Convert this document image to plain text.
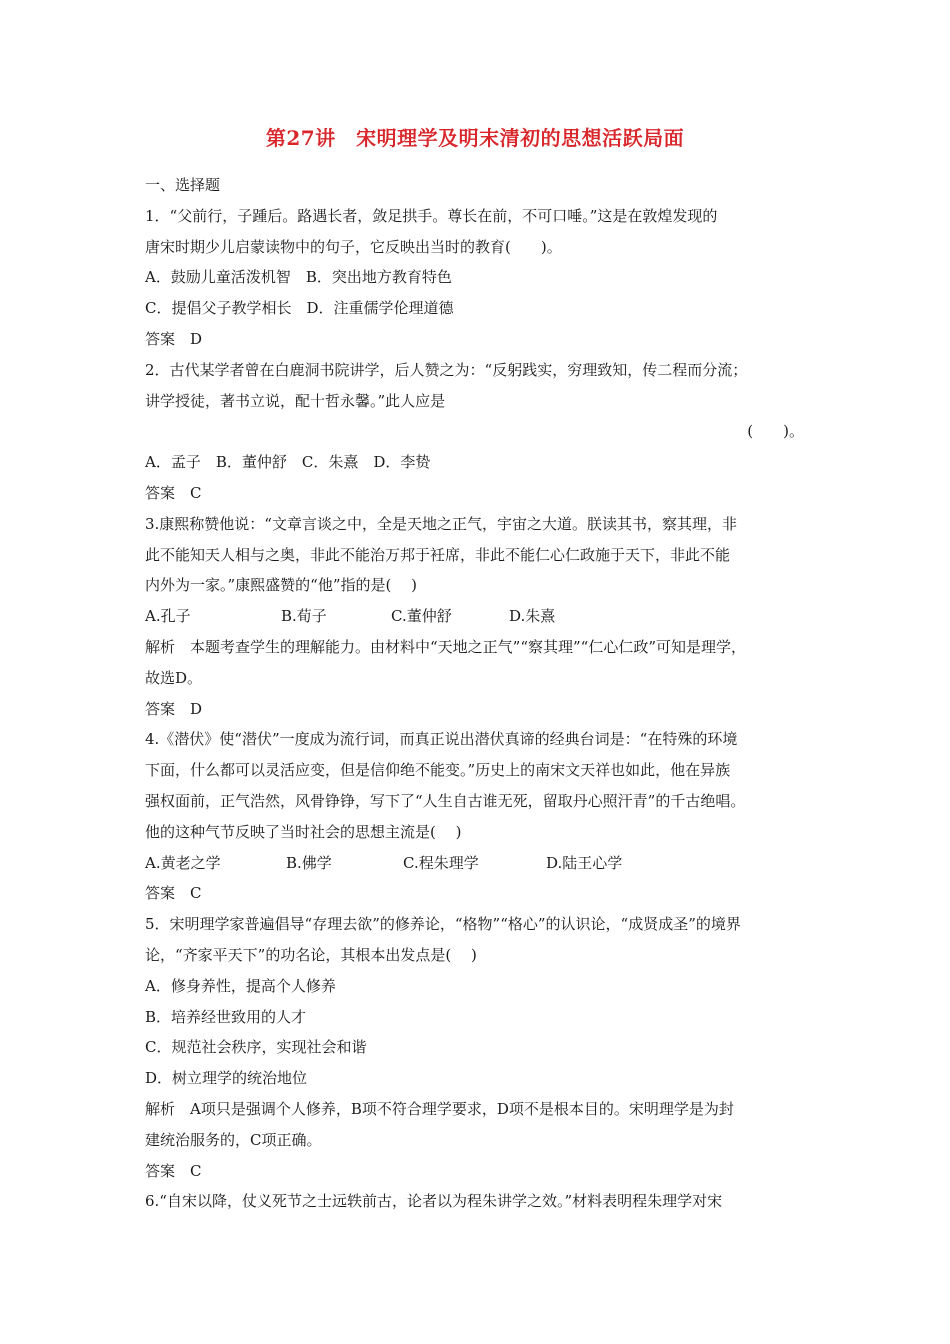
第27讲　宋明理学及明末清初的思想活跃局面
一、选择题
1．“父前行，子踵后。路遇长者，敛足拱手。尊长在前，不可口唾。”这是在敦煌发现的
唐宋时期少儿启蒙读物中的句子，它反映出当时的教育(　　)。
A．鼓励儿童活泼机智　B．突出地方教育特色
C．提倡父子教学相长　D．注重儒学伦理道德
答案　D
2．古代某学者曾在白鹿洞书院讲学，后人赞之为：“反躬践实，穷理致知，传二程而分流；
讲学授徒，著书立说，配十哲永馨。”此人应是
(　　)。
A．孟子　B．董仲舒　C．朱熹　D．李贽
答案　C
3.康熙称赞他说：“文章言谈之中，全是天地之正气，宇宙之大道。朕读其书，察其理，非
此不能知天人相与之奥，非此不能治万邦于衽席，非此不能仁心仁政施于天下，非此不能
内外为一家。”康熙盛赞的“他”指的是(　 )
A.孔子	B.荀子	C.董仲舒	D.朱熹
解析　本题考查学生的理解能力。由材料中“天地之正气”“察其理”“仁心仁政”可知是理学，
故选D。
答案　D
4.《潜伏》使“潜伏”一度成为流行词，而真正说出潜伏真谛的经典台词是：“在特殊的环境
下面，什么都可以灵活应变，但是信仰绝不能变。”历史上的南宋文天祥也如此，他在异族
强权面前，正气浩然，风骨铮铮，写下了“人生自古谁无死，留取丹心照汗青”的千古绝唱。
他的这种气节反映了当时社会的思想主流是(　 )
A.黄老之学	B.佛学	C.程朱理学	D.陆王心学
答案　C
5．宋明理学家普遍倡导“存理去欲”的修养论，“格物”“格心”的认识论，“成贤成圣”的境界
论，“齐家平天下”的功名论，其根本出发点是(　 )
A．修身养性，提高个人修养
B．培养经世致用的人才
C．规范社会秩序，实现社会和谐
D．树立理学的统治地位
解析　A项只是强调个人修养，B项不符合理学要求，D项不是根本目的。宋明理学是为封
建统治服务的，C项正确。
答案　C
6.“自宋以降，仗义死节之士远轶前古，论者以为程朱讲学之效。”材料表明程朱理学对宋
